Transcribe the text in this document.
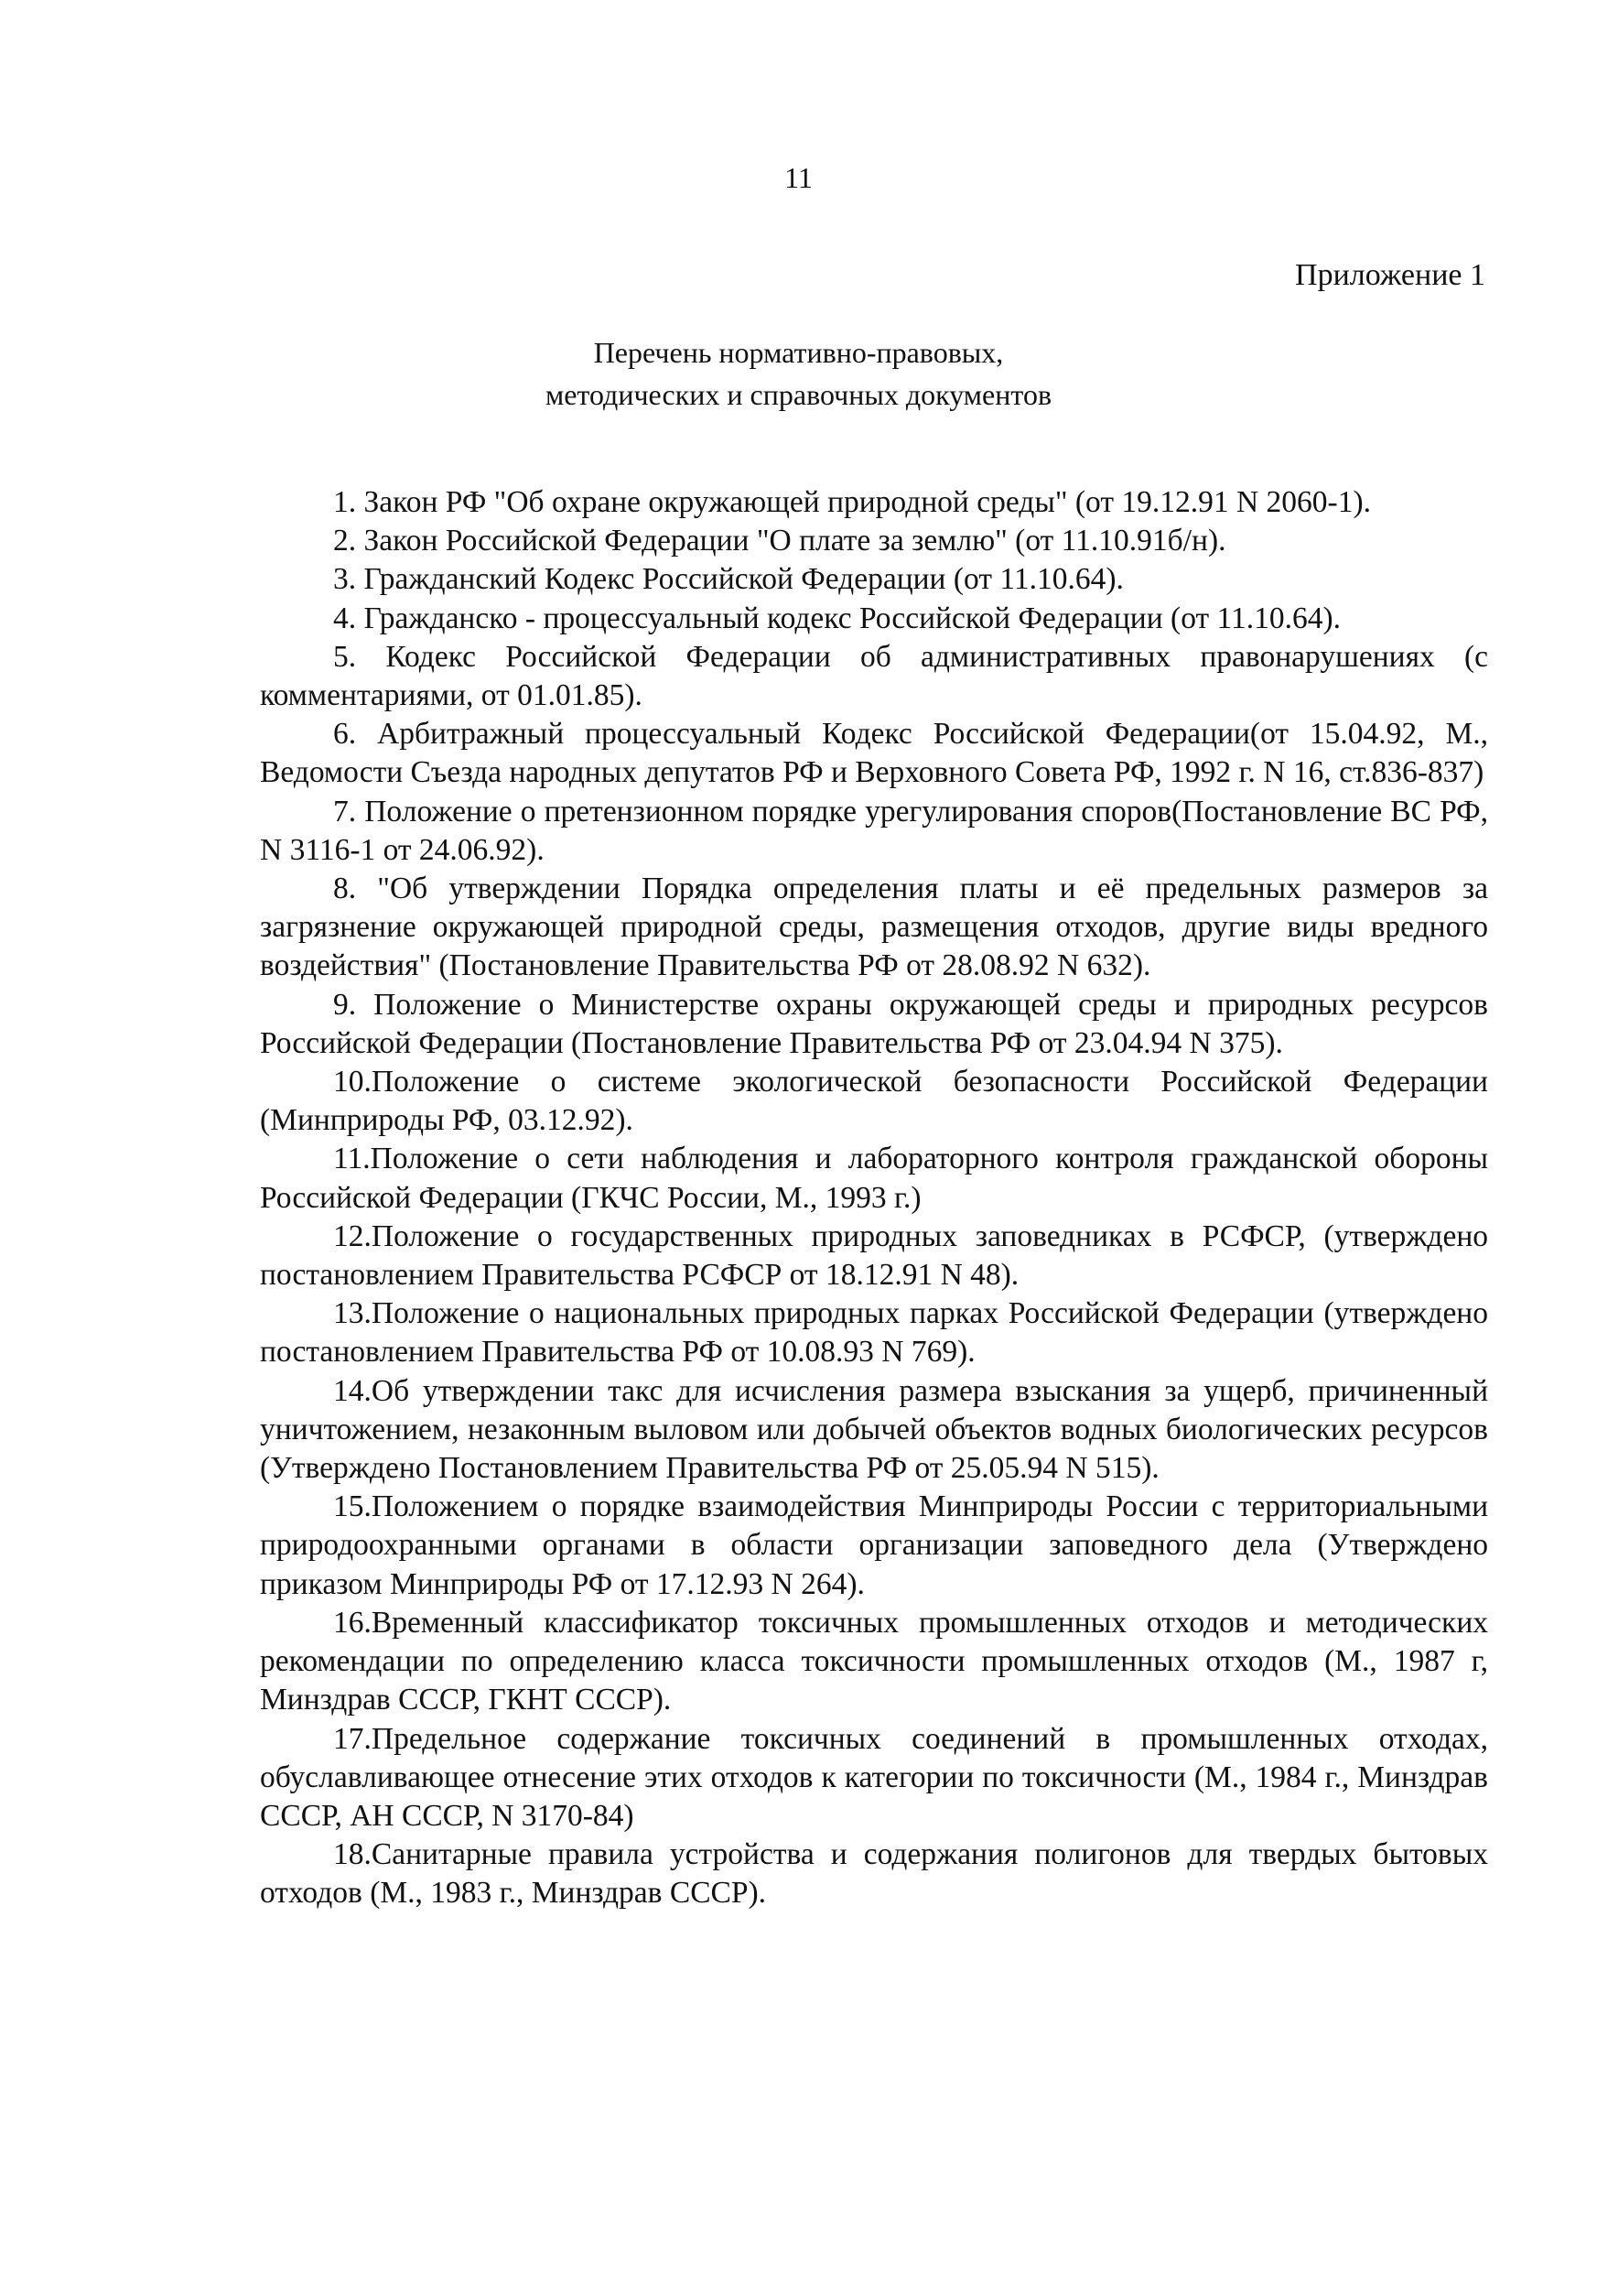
11
Приложение 1
Перечень нормативно-правовых,
методических и справочных документов

1. Закон РФ "Об охране окружающей природной среды" (от 19.12.91 N 2060-1).

2. Закон Российской Федерации "О плате за землю" (от 11.10.91б/н).

3. Гражданский Кодекс Российской Федерации (от 11.10.64).

4. Гражданско - процессуальный кодекс Российской Федерации (от 11.10.64).

5. Кодекс Российской Федерации об административных правонарушениях (с комментариями, от 01.01.85).

6. Арбитражный процессуальный Кодекс Российской Федерации(от 15.04.92, М., Ведомости Съезда народных депутатов РФ и Верховного Совета РФ, 1992 г. N 16, ст.836-837)

7. Положение о претензионном порядке урегулирования споров(Постановление ВС РФ, N 3116-1 от 24.06.92).

8. "Об утверждении Порядка определения платы и её предельных размеров за загрязнение окружающей природной среды, размещения отходов, другие виды вредного воздействия" (Постановление Правительства РФ от 28.08.92 N 632).

9. Положение о Министерстве охраны окружающей среды и природных ресурсов Российской Федерации (Постановление Правительства РФ от 23.04.94 N 375).

10.Положение о системе экологической безопасности Российской Федерации (Минприроды РФ, 03.12.92).

11.Положение о сети наблюдения и лабораторного контроля гражданской обороны Российской Федерации (ГКЧС России, М., 1993 г.)

12.Положение о государственных природных заповедниках в РСФСР, (утверждено постановлением Правительства РСФСР от 18.12.91 N 48).

13.Положение о национальных природных парках Российской Федерации (утверждено постановлением Правительства РФ от 10.08.93 N 769).

14.Об утверждении такс для исчисления размера взыскания за ущерб, причиненный уничтожением, незаконным выловом или добычей объектов водных биологических ресурсов (Утверждено Постановлением Правительства РФ от 25.05.94 N 515).

15.Положением о порядке взаимодействия Минприроды России с территориальными природоохранными органами в области организации заповедного дела (Утверждено приказом Минприроды РФ от 17.12.93 N 264).

16.Временный классификатор токсичных промышленных отходов и методических рекомендации по определению класса токсичности промышленных отходов (М., 1987 г, Минздрав СССР, ГКНТ СССР).

17.Предельное содержание токсичных соединений в промышленных отходах, обуславливающее отнесение этих отходов к категории по токсичности (М., 1984 г., Минздрав СССР, АН СССР, N 3170-84)

18.Санитарные правила устройства и содержания полигонов для твердых бытовых отходов (М., 1983 г., Минздрав СССР).
